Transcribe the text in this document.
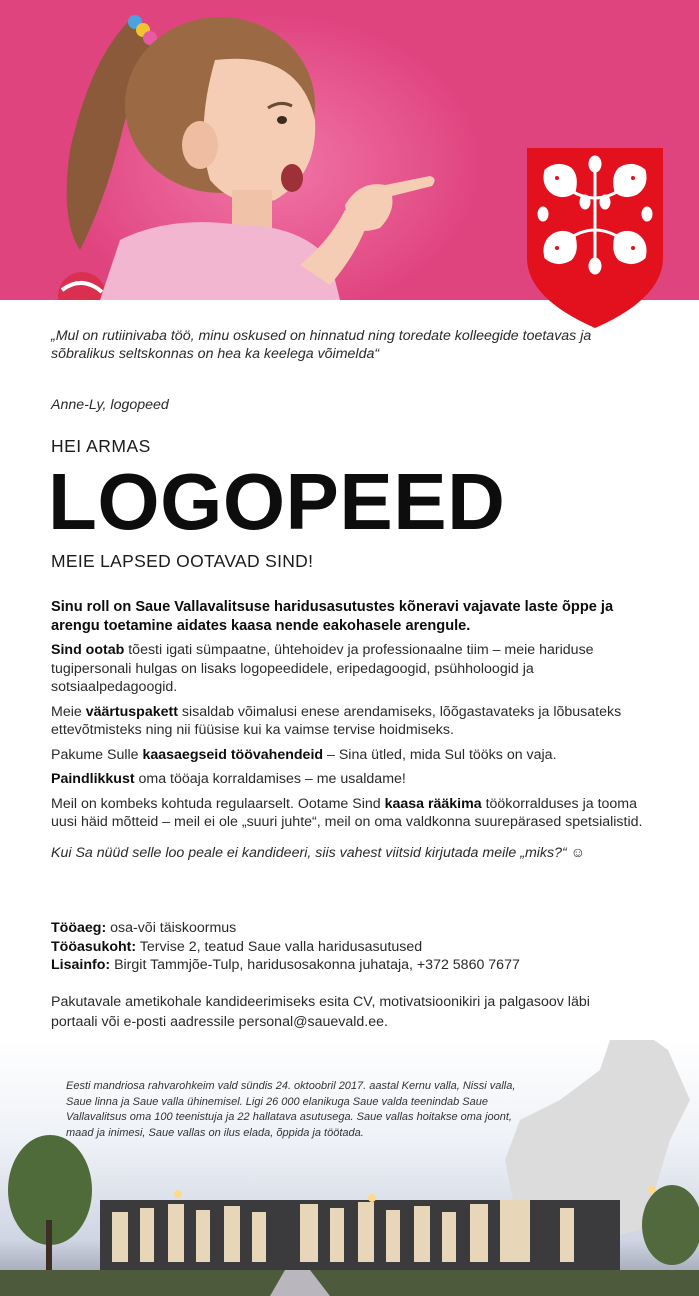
„Mul on rutiinivaba töö, minu oskused on hinnatud ning toredate kolleegide toetavas ja sõbralikus seltskonnas on hea ka keelega võimelda“
Anne-Ly, logopeed
HEI ARMAS
LOGOPEED
MEIE LAPSED OOTAVAD SIND!

Sinu roll on Saue Vallavalitsuse haridusasutustes kõneravi vajavate laste õppe ja arengu toetamine aidates kaasa nende eakohasele arengule.

Sind ootab tõesti igati sümpaatne, ühtehoidev ja professionaalne tiim – meie hariduse tugipersonali hulgas on lisaks logopeedidele, eripedagoogid, psühholoogid ja sotsiaalpedagoogid.

Meie väärtuspakett sisaldab võimalusi enese arendamiseks, lõõgastavateks ja lõbusateks ettevõtmisteks ning nii füüsise kui ka vaimse tervise hoidmiseks.

Pakume Sulle kaasaegseid töövahendeid – Sina ütled, mida Sul tööks on vaja.

Paindlikkust oma tööaja korraldamises – me usaldame!

Meil on kombeks kohtuda regulaarselt. Ootame Sind kaasa rääkima töökorralduses ja tooma uusi häid mõtteid – meil ei ole „suuri juhte“, meil on oma valdkonna suurepärased spetsialistid.

Kui Sa nüüd selle loo peale ei kandideeri, siis vahest viitsid kirjutada meile „miks?“ ☺

Tööaeg: osa-või täiskoormus
Tööasukoht: Tervise 2, teatud Saue valla haridusasutused
Lisainfo: Birgit Tammjõe-Tulp, haridusosakonna juhataja, +372 5860 7677
Pakutavale ametikohale kandideerimiseks esita CV, motivatsioonikiri ja palgasoov läbi portaali või e-posti aadressile personal@sauevald.ee.
Eesti mandriosa rahvarohkeim vald sündis 24. oktoobril 2017. aastal Kernu valla, Nissi valla, Saue linna ja Saue valla ühinemisel. Ligi 26 000 elanikuga Saue valda teenindab Saue Vallavalitsus oma 100 teenistuja ja 22 hallatava asutusega. Saue vallas hoitakse oma joont, maad ja inimesi, Saue vallas on ilus elada, õppida ja töötada.
